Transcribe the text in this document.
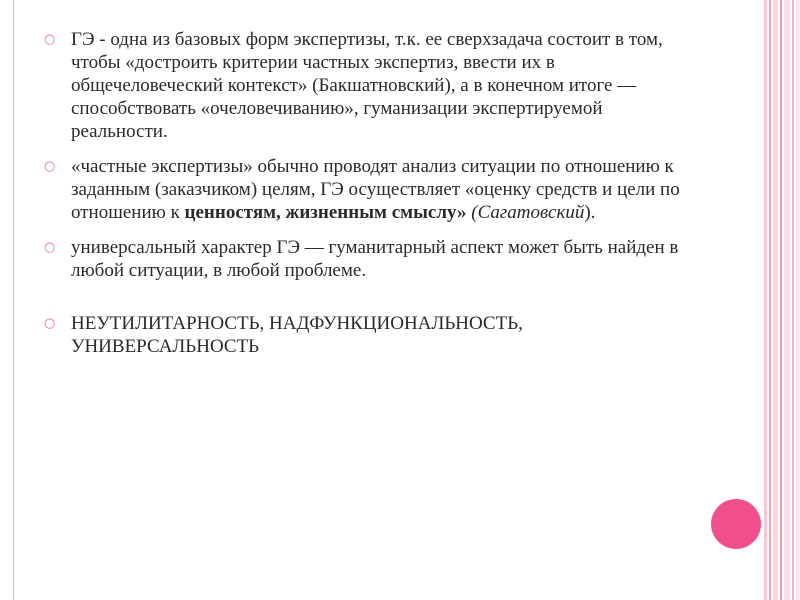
○ ГЭ - одна из базовых форм экспертизы, т.к. ее сверхзадача состоит в том, чтобы «достроить критерии частных экспертиз, ввести их в общечеловеческий контекст» (Бакшатновский), а в конечном итоге — способствовать «очеловечиванию», гуманизации экспертируемой реальности.
○ «частные экспертизы» обычно проводят анализ ситуации по отношению к заданным (заказчиком) целям, ГЭ осуществляет «оценку средств и цели по отношению к ценностям, жизненным смыслу» (Сагатовский).
○ универсальный характер ГЭ — гуманитарный аспект может быть найден в любой ситуации, в любой проблеме.
○ НЕУТИЛИТАРНОСТЬ, НАДФУНКЦИОНАЛЬНОСТЬ, УНИВЕРСАЛЬНОСТЬ
